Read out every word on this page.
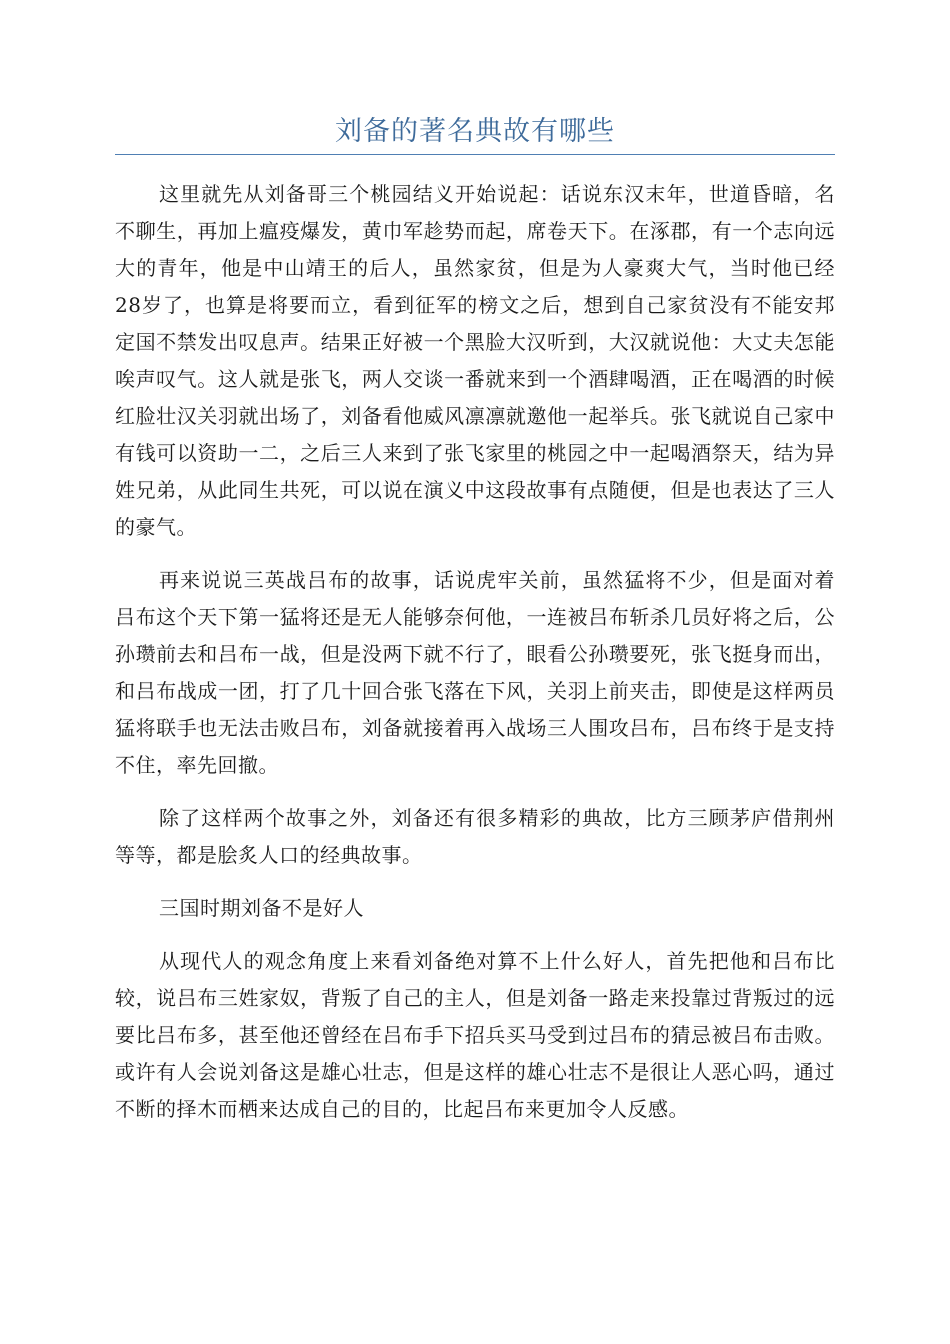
刘备的著名典故有哪些

这里就先从刘备哥三个桃园结义开始说起：话说东汉末年，世道昏暗，名不聊生，再加上瘟疫爆发，黄巾军趁势而起，席卷天下。在涿郡，有一个志向远大的青年，他是中山靖王的后人，虽然家贫，但是为人豪爽大气，当时他已经28岁了，也算是将要而立，看到征军的榜文之后，想到自己家贫没有不能安邦定国不禁发出叹息声。结果正好被一个黑脸大汉听到，大汉就说他：大丈夫怎能唉声叹气。这人就是张飞，两人交谈一番就来到一个酒肆喝酒，正在喝酒的时候红脸壮汉关羽就出场了，刘备看他威风凛凛就邀他一起举兵。张飞就说自己家中有钱可以资助一二，之后三人来到了张飞家里的桃园之中一起喝酒祭天，结为异姓兄弟，从此同生共死，可以说在演义中这段故事有点随便，但是也表达了三人的豪气。

再来说说三英战吕布的故事，话说虎牢关前，虽然猛将不少，但是面对着吕布这个天下第一猛将还是无人能够奈何他，一连被吕布斩杀几员好将之后，公孙瓒前去和吕布一战，但是没两下就不行了，眼看公孙瓒要死，张飞挺身而出，和吕布战成一团，打了几十回合张飞落在下风，关羽上前夹击，即使是这样两员猛将联手也无法击败吕布，刘备就接着再入战场三人围攻吕布，吕布终于是支持不住，率先回撤。

除了这样两个故事之外，刘备还有很多精彩的典故，比方三顾茅庐借荆州等等，都是脍炙人口的经典故事。

三国时期刘备不是好人

从现代人的观念角度上来看刘备绝对算不上什么好人，首先把他和吕布比较，说吕布三姓家奴，背叛了自己的主人，但是刘备一路走来投靠过背叛过的远要比吕布多，甚至他还曾经在吕布手下招兵买马受到过吕布的猜忌被吕布击败。或许有人会说刘备这是雄心壮志，但是这样的雄心壮志不是很让人恶心吗，通过不断的择木而栖来达成自己的目的，比起吕布来更加令人反感。
